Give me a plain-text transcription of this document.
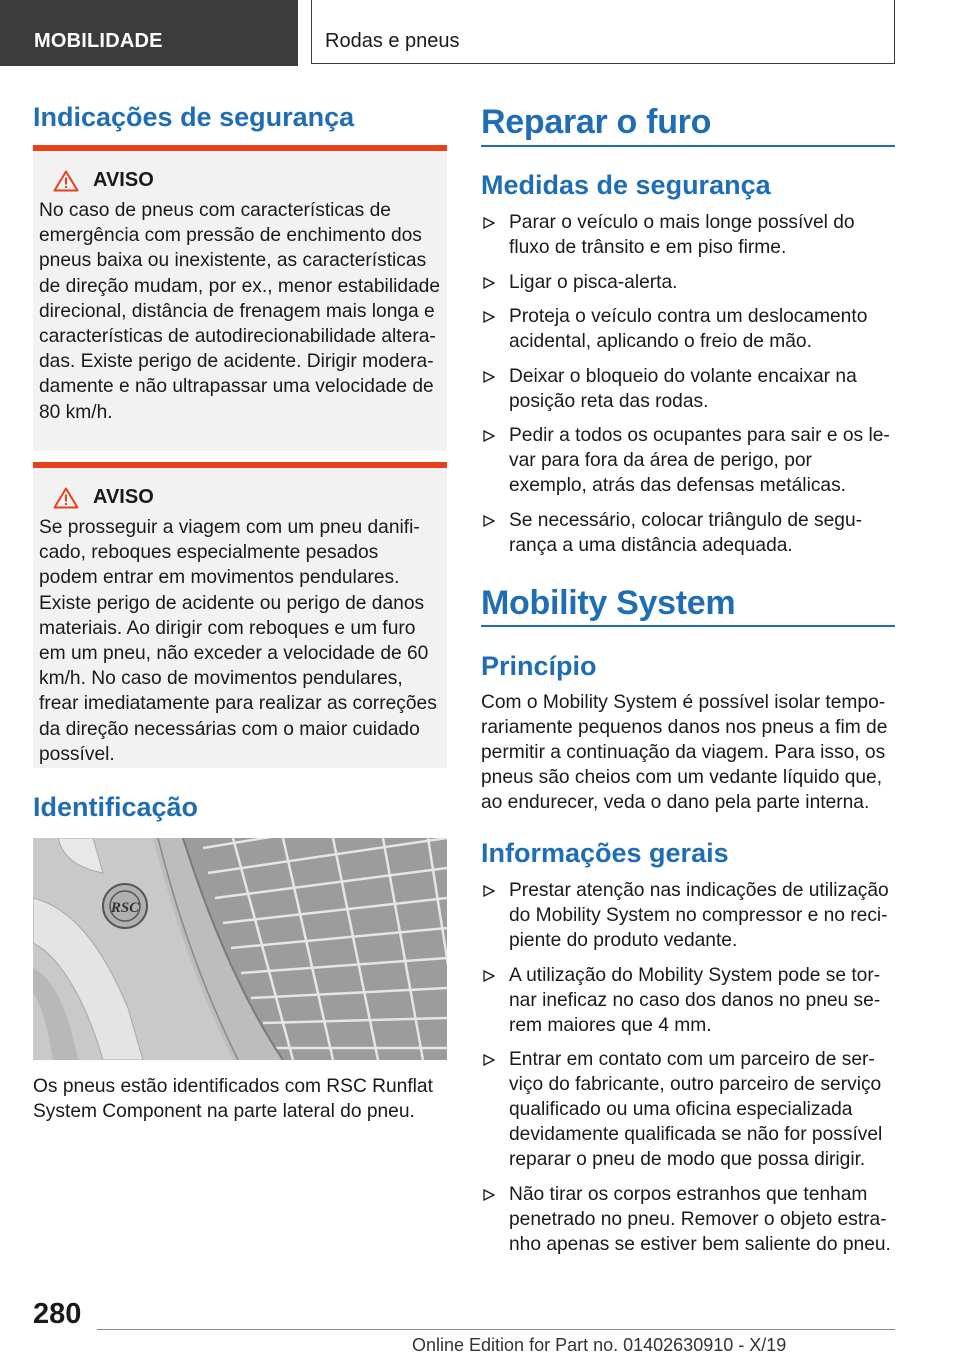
MOBILIDADE	Rodas e pneus
Indicações de segurança
AVISO

No caso de pneus com características de emergência com pressão de enchimento dos pneus baixa ou inexistente, as características de direção mudam, por ex., menor estabilidade direcional, distância de frenagem mais longa e características de autodirecionabilidade alteradas. Existe perigo de acidente. Dirigir moderadamente e não ultrapassar uma velocidade de 80 km/h.

AVISO

Se prosseguir a viagem com um pneu danificado, reboques especialmente pesados podem entrar em movimentos pendulares. Existe perigo de acidente ou perigo de danos materiais. Ao dirigir com reboques e um furo em um pneu, não exceder a velocidade de 60 km/h. No caso de movimentos pendulares, frear imediatamente para realizar as correções da direção necessárias com o maior cuidado possível.

Identificação
RSC

Os pneus estão identificados com RSC Runflat System Component na parte lateral do pneu.

Reparar o furo
Medidas de segurança
Parar o veículo o mais longe possível do fluxo de trânsito e em piso firme.
Ligar o pisca-alerta.
Proteja o veículo contra um deslocamento acidental, aplicando o freio de mão.
Deixar o bloqueio do volante encaixar na posição reta das rodas.
Pedir a todos os ocupantes para sair e os levar para fora da área de perigo, por exemplo, atrás das defensas metálicas.
Se necessário, colocar triângulo de segurança a uma distância adequada.
Mobility System
Princípio

Com o Mobility System é possível isolar temporariamente pequenos danos nos pneus a fim de permitir a continuação da viagem. Para isso, os pneus são cheios com um vedante líquido que, ao endurecer, veda o dano pela parte interna.

Informações gerais
Prestar atenção nas indicações de utilização do Mobility System no compressor e no recipiente do produto vedante.
A utilização do Mobility System pode se tornar ineficaz no caso dos danos no pneu serem maiores que 4 mm.
Entrar em contato com um parceiro de serviço do fabricante, outro parceiro de serviço qualificado ou uma oficina especializada devidamente qualificada se não for possível reparar o pneu de modo que possa dirigir.
Não tirar os corpos estranhos que tenham penetrado no pneu. Remover o objeto estranho apenas se estiver bem saliente do pneu.
280
Online Edition for Part no. 01402630910 - X/19
